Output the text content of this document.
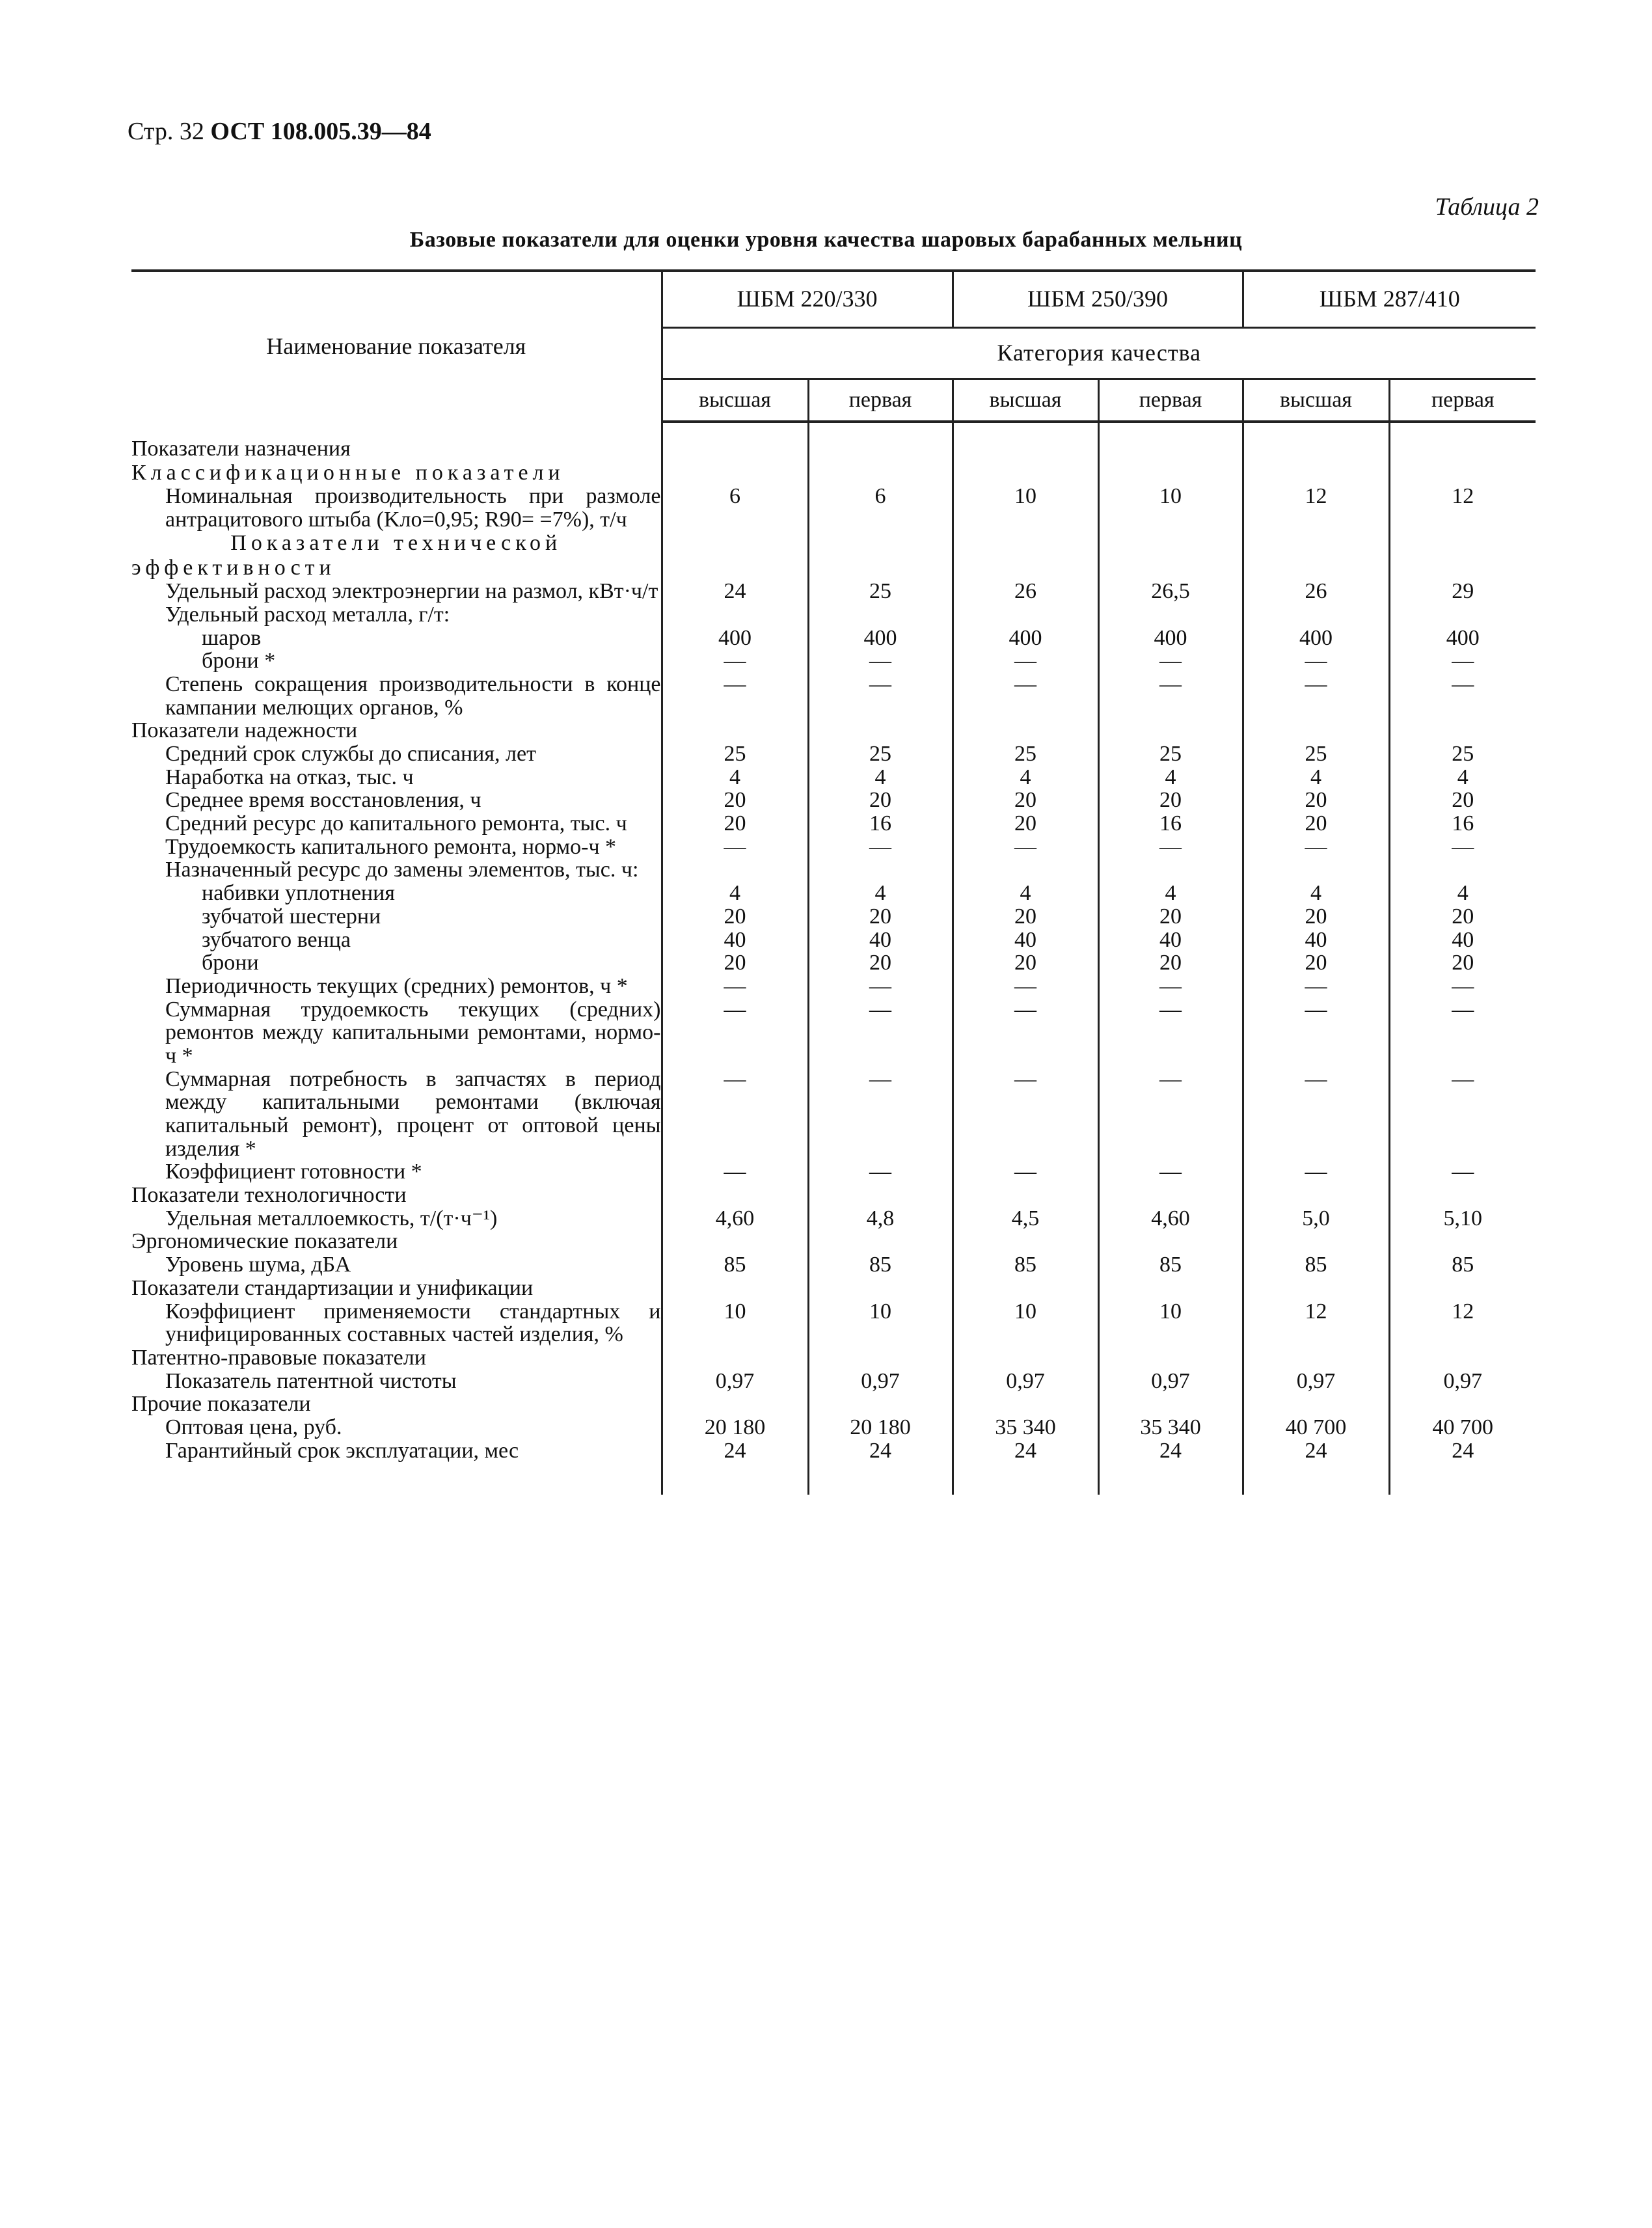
Стр. 32 ОСТ 108.005.39—84
Таблица 2
Базовые показатели для оценки уровня качества шаровых барабанных мельниц
Наименование показателя	ШБМ 220/330		ШБМ 250/390		ШБМ 287/410	
	Категория качества					
	высшая	первая	высшая	первая	высшая	первая

Показатели назначения						
Классификационные показатели						
Номинальная производительность при размоле антрацитового штыба (Kло=0,95; R90= =7%), т/ч	6	6	10	10	12	12
Показатели технической эффективности						
Удельный расход электроэнергии на размол, кВт·ч/т	24	25	26	26,5	26	29
Удельный расход металла, г/т:						
шаров	400	400	400	400	400	400
брони *	—	—	—	—	—	—
Степень сокращения производительности в конце кампании мелющих органов, %	—	—	—	—	—	—
Показатели надежности						
Средний срок службы до списания, лет	25	25	25	25	25	25
Наработка на отказ, тыс. ч	4	4	4	4	4	4
Среднее время восстановления, ч	20	20	20	20	20	20
Средний ресурс до капитального ремонта, тыс. ч	20	16	20	16	20	16
Трудоемкость капитального ремонта, нормо-ч *	—	—	—	—	—	—
Назначенный ресурс до замены элементов, тыс. ч:						
набивки уплотнения	4	4	4	4	4	4
зубчатой шестерни	20	20	20	20	20	20
зубчатого венца	40	40	40	40	40	40
брони	20	20	20	20	20	20
Периодичность текущих (средних) ремонтов, ч *	—	—	—	—	—	—
Суммарная трудоемкость текущих (средних) ремонтов между капитальными ремонтами, нормо-ч *	—	—	—	—	—	—
Суммарная потребность в запчастях в период между капитальными ремонтами (включая капитальный ремонт), процент от оптовой цены изделия *	—	—	—	—	—	—
Коэффициент готовности *	—	—	—	—	—	—
Показатели технологичности						
Удельная металлоемкость, т/(т·ч⁻¹)	4,60	4,8	4,5	4,60	5,0	5,10
Эргономические показатели						
Уровень шума, дБА	85	85	85	85	85	85
Показатели стандартизации и унификации						
Коэффициент применяемости стандартных и унифицированных составных частей изделия, %	10	10	10	10	12	12
Патентно-правовые показатели						
Показатель патентной чистоты	0,97	0,97	0,97	0,97	0,97	0,97
Прочие показатели						
Оптовая цена, руб.	20 180	20 180	35 340	35 340	40 700	40 700
Гарантийный срок эксплуатации, мес	24	24	24	24	24	24
